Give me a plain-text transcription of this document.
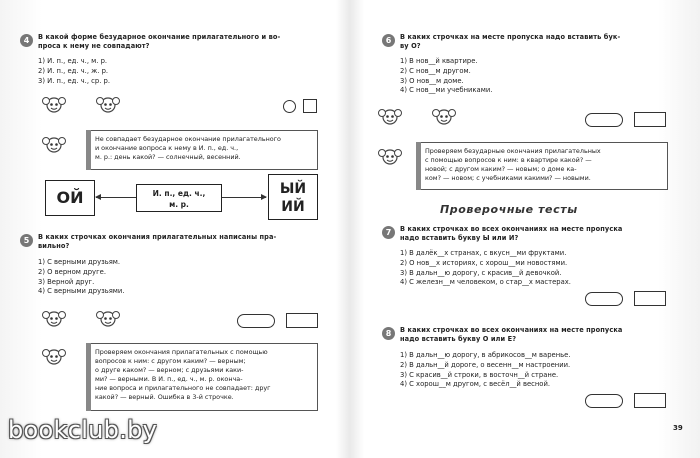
4	В какой форме безударное окончание прилагательного и во-
проса к нему не совпадают?
1) И. п., ед. ч., м. р.
2) И. п., ед. ч., ж. р.
3) И. п., ед. ч., ср. р.
Не совпадает безударное окончание прилагательного
и окончание вопроса к нему в И. п., ед. ч.,
м. р.: день какой? — солнечный, весенний.
ОЙ	И. п., ед. ч.,
м. р.
ЫЙ
ИЙ
5	В каких строчках окончания прилагательных написаны пра-
вильно?
1) С верными друзьям.
2) О верном друге.
3) Верной друг.
4) С верными друзьями.
Проверяем окончания прилагательных с помощью
вопросов к ним: с другом каким? — верным;
о друге каком? — верном; с друзьями каки-
ми? — верными. В И. п., ед. ч., м. р. оконча-
ние вопроса и прилагательного не совпадает: друг
какой? — верный. Ошибка в 3-й строчке.
bookclub.by
6	В каких строчках на месте пропуска надо вставить бук-
ву О?
1) В нов__й квартире.
2) С нов__м другом.
3) О нов__м доме.
4) С нов__ми учебниками.
Проверяем безударные окончания прилагательных
с помощью вопросов к ним: в квартире какой? —
новой; с другом каким? — новым; о доме ка-
ком? — новом; с учебниками какими? — новыми.
Проверочные тесты
7	В каких строчках во всех окончаниях на месте пропуска
надо вставить букву Ы или И?
1) В далёк__х странах, с вкусн__ми фруктами.
2) О нов__х историях, с хорош__ми новостями.
3) В дальн__ю дорогу, с красив__й девочкой.
4) С железн__м человеком, о стар__х мастерах.
8	В каких строчках во всех окончаниях на месте пропуска
надо вставить букву О или Е?
1) В дальн__ю дорогу, в абрикосов__м варенье.
2) В дальн__й дороге, о весенн__м настроении.
3) С красив__й строки, в восточн__й стране.
4) С хорош__м другом, с весёл__й весной.
39
